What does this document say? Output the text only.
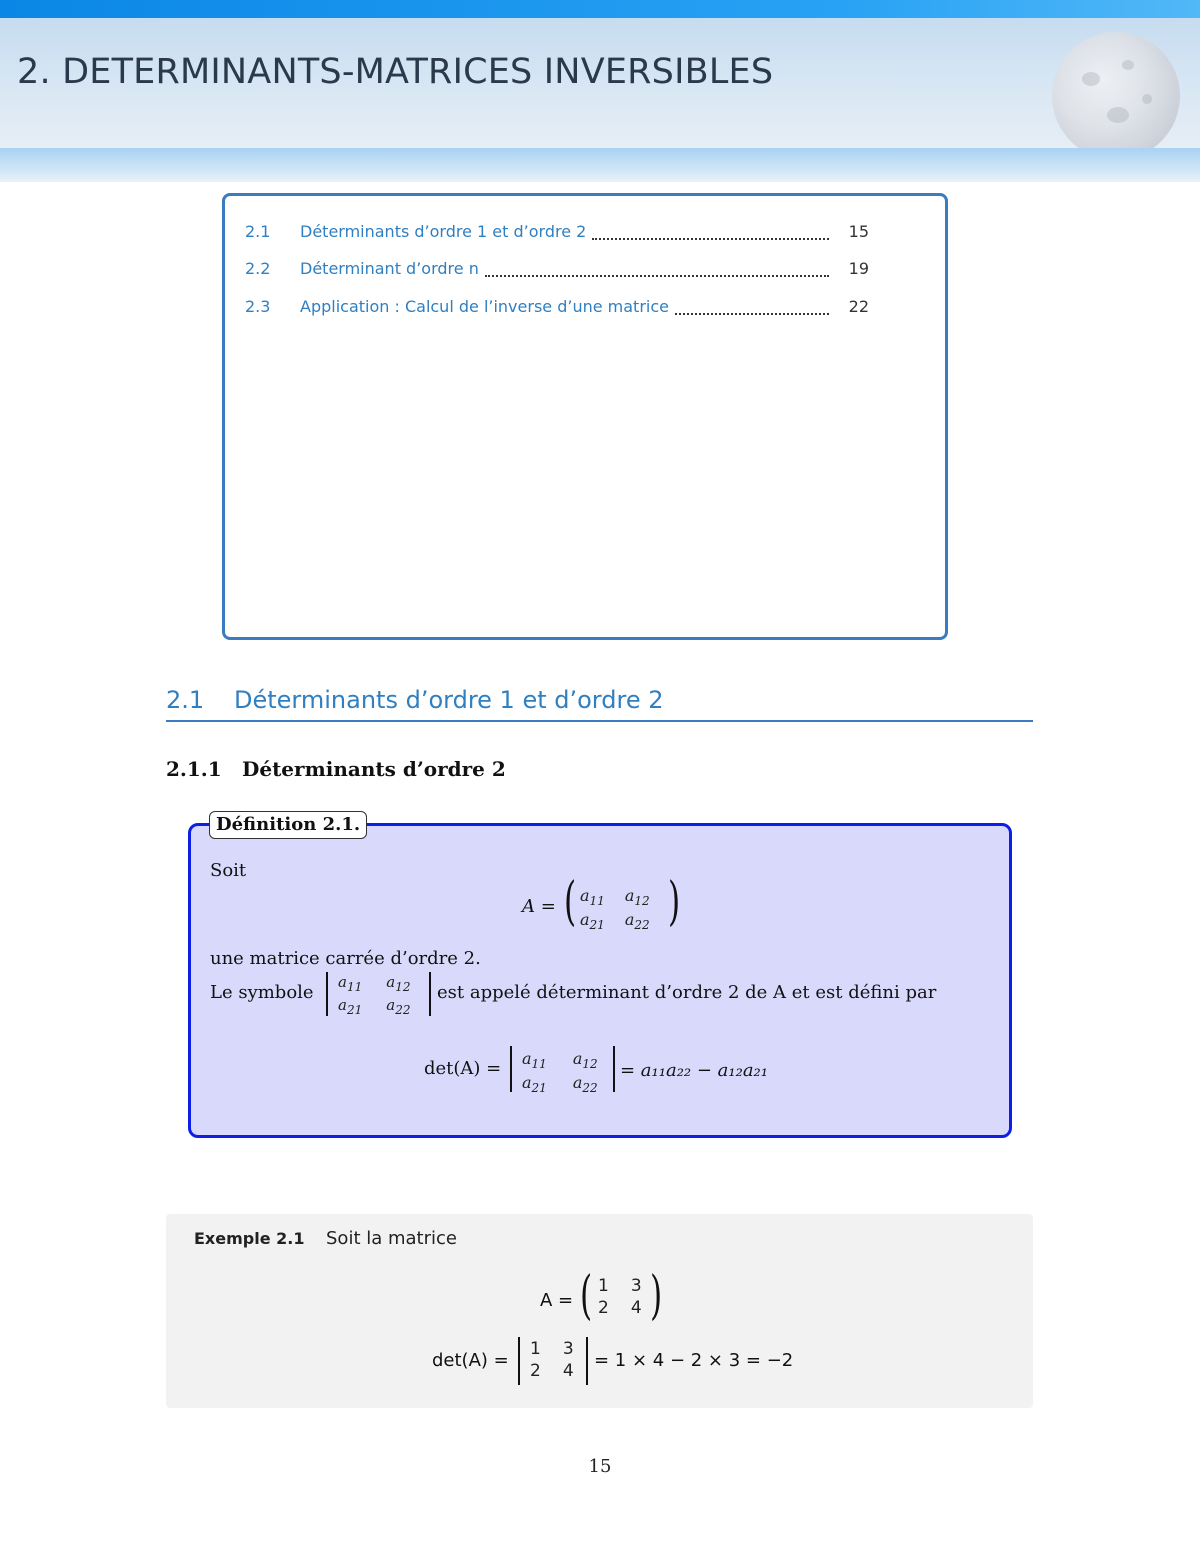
2. DETERMINANTS-MATRICES INVERSIBLES
2.1	Déterminants d’ordre 1 et d’ordre 2	15
2.2	Déterminant d’ordre n	19
2.3	Application : Calcul de l’inverse d’une matrice	22
2.1 Déterminants d’ordre 1 et d’ordre 2
2.1.1 Déterminants d’ordre 2
Définition 2.1.
Soit
A = ( $a_{11}$ $a_{12}$
$a_{21}$ $a_{22}$ )
une matrice carrée d’ordre 2.
Le symbole $a_{11}$ $a_{12}$
$a_{21}$ $a_{22}$
est appelé déterminant d’ordre 2 de A et est défini par
$\det(A) = a_{11}$ $a_{12}$
$a_{21}$ $a_{22}$
= a₁₁a₂₂ − a₁₂a₂₁
Exemple 2.1 Soit la matrice
A = ( 1 3
2 4 )
det(A) =
1 3
2 4 = 1 × 4 − 2 × 3 = −2
15
